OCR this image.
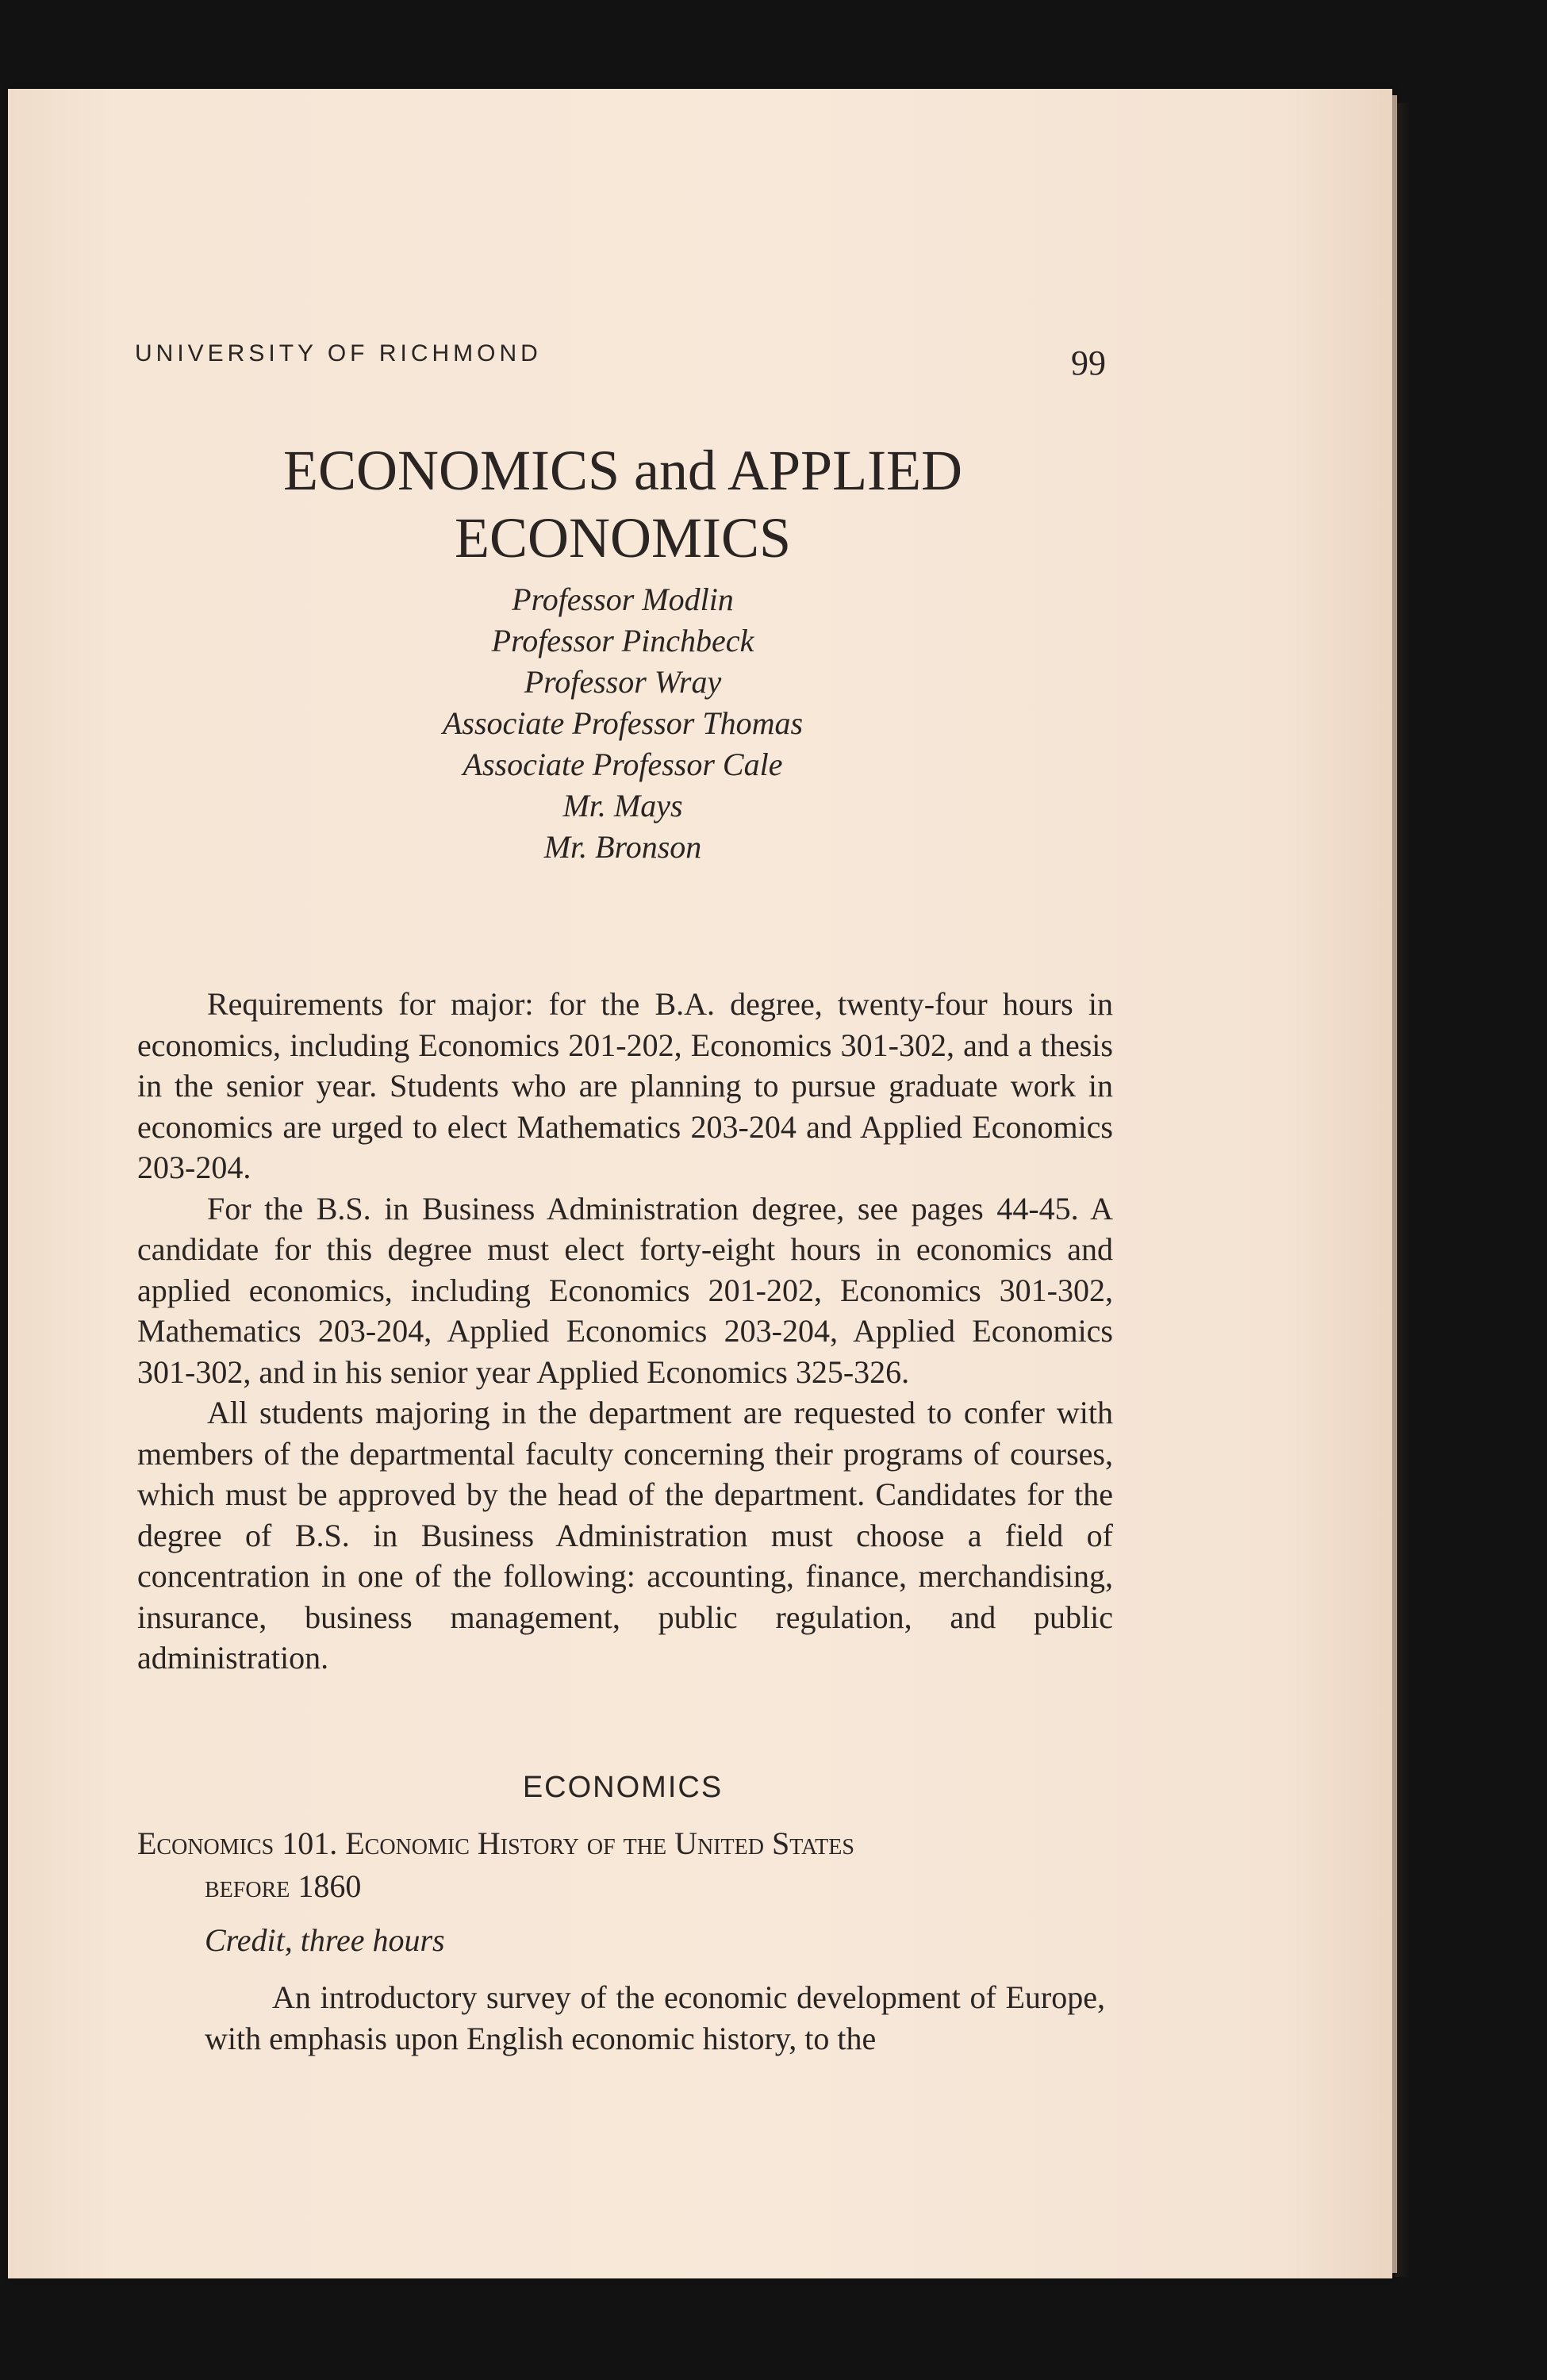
UNIVERSITY OF RICHMOND	99
ECONOMICS and APPLIED
ECONOMICS
Professor Modlin
Professor Pinchbeck
Professor Wray
Associate Professor Thomas
Associate Professor Cale
Mr. Mays
Mr. Bronson

Requirements for major: for the B.A. degree, twenty-four hours in economics, including Economics 201-202, Economics 301-302, and a thesis in the senior year. Students who are planning to pursue graduate work in economics are urged to elect Mathematics 203-204 and Applied Economics 203-204.

For the B.S. in Business Administration degree, see pages 44-45. A candidate for this degree must elect forty-eight hours in economics and applied economics, including Economics 201-202, Economics 301-302, Mathematics 203-204, Applied Economics 203-204, Applied Economics 301-302, and in his senior year Applied Economics 325-326.

All students majoring in the department are requested to confer with members of the departmental faculty concerning their programs of courses, which must be approved by the head of the department. Candidates for the degree of B.S. in Business Administration must choose a field of concentration in one of the following: accounting, finance, merchandising, insurance, business management, public regulation, and public administration.

ECONOMICS
Economics 101. Economic History of the United States
before 1860
Credit, three hours
An introductory survey of the economic development of Europe, with emphasis upon English economic history, to the
